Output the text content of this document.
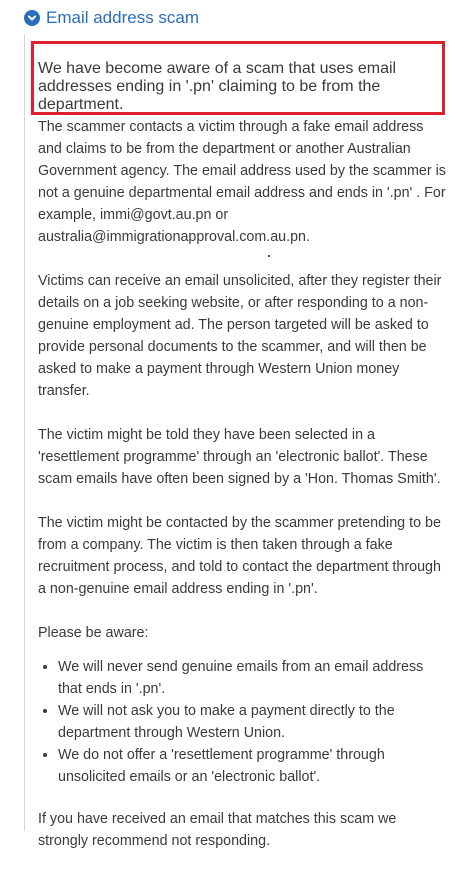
Email address scam

We have become aware of a scam that uses email addresses ending in '.pn' claiming to be from the department.

The scammer contacts a victim through a fake email address and claims to be from the department or another Australian Government agency. The email address used by the scammer is not a genuine departmental email address and ends in '.pn' . For example, immi@govt.au.pn or australia@immigrationapproval.com.au.pn.

Victims can receive an email unsolicited, after they register their details on a job seeking website, or after responding to a non-genuine employment ad. The person targeted will be asked to provide personal documents to the scammer, and will then be asked to make a payment through Western Union money transfer.

The victim might be told they have been selected in a 'resettlement programme' through an 'electronic ballot'. These scam emails have often been signed by a 'Hon. Thomas Smith'.

The victim might be contacted by the scammer pretending to be from a company. The victim is then taken through a fake recruitment process, and told to contact the department through a non-genuine email address ending in '.pn'.

Please be aware:

• We will never send genuine emails from an email address that ends in '.pn'.
• We will not ask you to make a payment directly to the department through Western Union.
• We do not offer a 'resettlement programme' through unsolicited emails or an 'electronic ballot'.

If you have received an email that matches this scam we strongly recommend not responding.
